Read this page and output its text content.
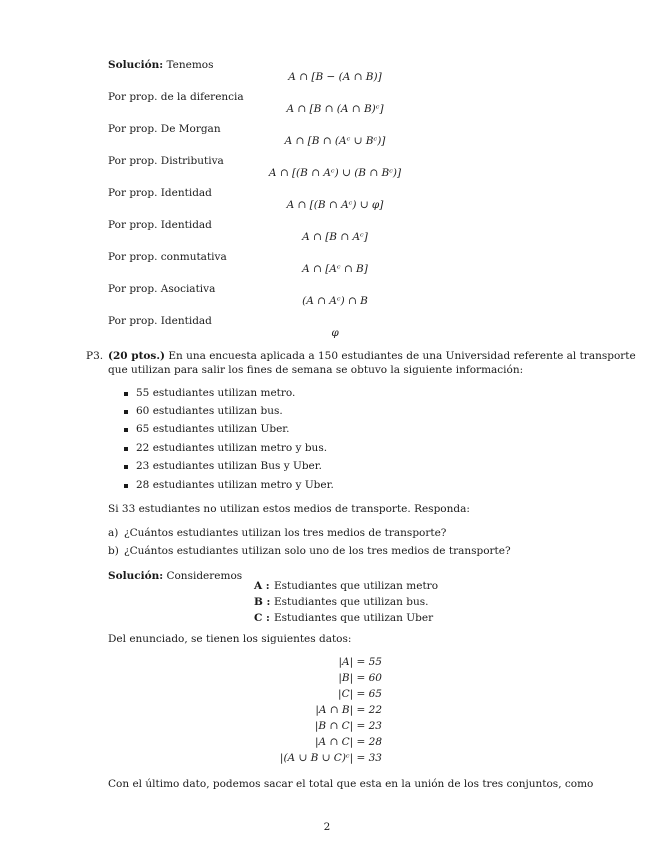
Solución: Tenemos
A ∩ [B − (A ∩ B)]
Por prop. de la diferencia
A ∩ [B ∩ (A ∩ B)ᶜ]
Por prop. De Morgan
A ∩ [B ∩ (Aᶜ ∪ Bᶜ)]
Por prop. Distributiva
A ∩ [(B ∩ Aᶜ) ∪ (B ∩ Bᶜ)]
Por prop. Identidad
A ∩ [(B ∩ Aᶜ) ∪ φ]
Por prop. Identidad
A ∩ [B ∩ Aᶜ]
Por prop. conmutativa
A ∩ [Aᶜ ∩ B]
Por prop. Asociativa
(A ∩ Aᶜ) ∩ B
Por prop. Identidad
φ
P3. (20 ptos.) En una encuesta aplicada a 150 estudiantes de una Universidad referente al transporte
que utilizan para salir los fines de semana se obtuvo la siguiente información:
55 estudiantes utilizan metro.
60 estudiantes utilizan bus.
65 estudiantes utilizan Uber.
22 estudiantes utilizan metro y bus.
23 estudiantes utilizan Bus y Uber.
28 estudiantes utilizan metro y Uber.
Si 33 estudiantes no utilizan estos medios de transporte. Responda:
a) ¿Cuántos estudiantes utilizan los tres medios de transporte?
b) ¿Cuántos estudiantes utilizan solo uno de los tres medios de transporte?
Solución: Consideremos
A : Estudiantes que utilizan metro
B : Estudiantes que utilizan bus.
C : Estudiantes que utilizan Uber
Del enunciado, se tienen los siguientes datos:
|A| = 55
|B| = 60
|C| = 65
|A ∩ B| = 22
|B ∩ C| = 23
|A ∩ C| = 28
|(A ∪ B ∪ C)ᶜ| = 33
Con el último dato, podemos sacar el total que esta en la unión de los tres conjuntos, como
2
